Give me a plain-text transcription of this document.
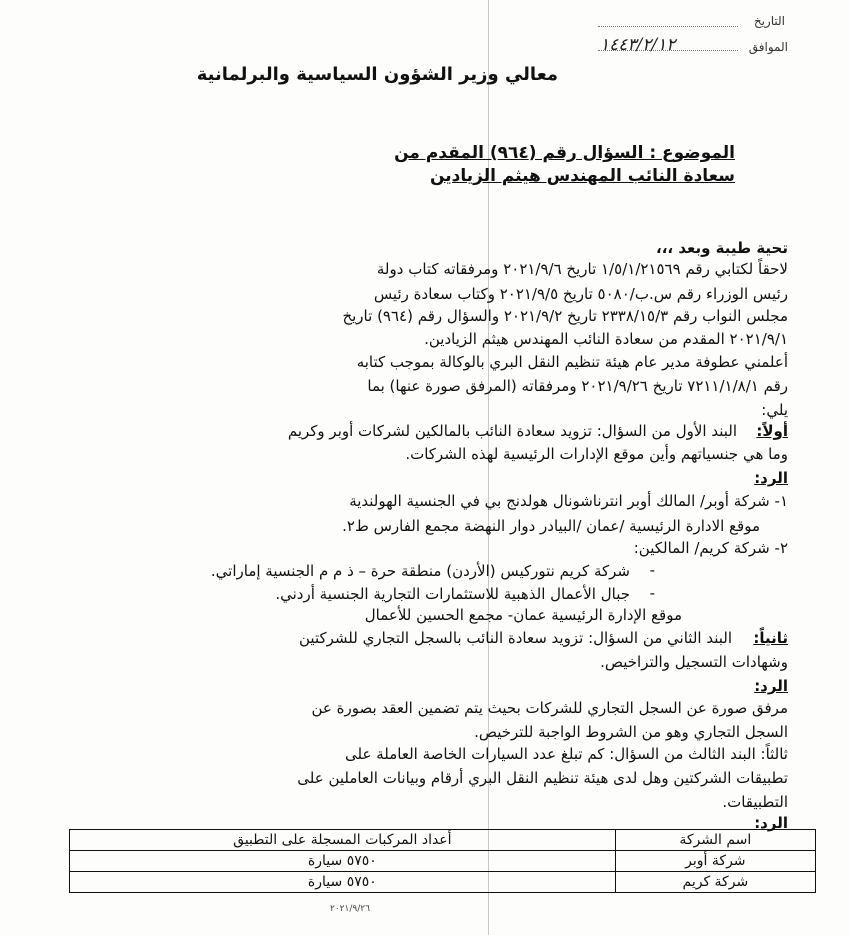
التاريخ
الموافق
١٤٤٣/٢/١٢
معالي وزير الشؤون السياسية والبرلمانية
الموضوع : السؤال رقم (٩٦٤) المقدم من
سعادة النائب المهندس هيثم الزيادين
تحية طيبة وبعد ،،،
لاحقاً لكتابي رقم ١/٥/١/٢١٥٦٩ تاريخ ٢٠٢١/٩/٦ ومرفقاته كتاب دولة
رئيس الوزراء رقم س.ب/٥٠٨٠ تاريخ ٢٠٢١/٩/٥ وكتاب سعادة رئيس
مجلس النواب رقم ٢٣٣٨/١٥/٣ تاريخ ٢٠٢١/٩/٢ والسؤال رقم (٩٦٤) تاريخ
٢٠٢١/٩/١ المقدم من سعادة النائب المهندس هيثم الزيادين.
أعلمني عطوفة مدير عام هيئة تنظيم النقل البري بالوكالة بموجب كتابه
رقم ٧٢١١/١/٨/١ تاريخ ٢٠٢١/٩/٢٦ ومرفقاته (المرفق صورة عنها) بما
يلي:
أولاً:
البند الأول من السؤال: تزويد سعادة النائب بالمالكين لشركات أوبر وكريم
وما هي جنسياتهم وأين موقع الإدارات الرئيسية لهذه الشركات.
الرد:
١- شركة أوبر/ المالك أوبر انترناشونال هولدنج بي في الجنسية الهولندية
موقع الادارة الرئيسية /عمان /البيادر دوار النهضة مجمع الفارس ط٢.
٢- شركة كريم/ المالكين:
-
شركة كريم نتوركيس (الأردن) منطقة حرة – ذ م م الجنسية إماراتي.
-
جبال الأعمال الذهبية للاستثمارات التجارية الجنسية أردني.
موقع الإدارة الرئيسية عمان- مجمع الحسين للأعمال
ثانياً:
البند الثاني من السؤال: تزويد سعادة النائب بالسجل التجاري للشركتين
وشهادات التسجيل والتراخيص.
الرد:
مرفق صورة عن السجل التجاري للشركات بحيث يتم تضمين العقد بصورة عن
السجل التجاري وهو من الشروط الواجبة للترخيص.
ثالثاً: البند الثالث من السؤال: كم تبلغ عدد السيارات الخاصة العاملة على
تطبيقات الشركتين وهل لدى هيئة تنظيم النقل البري أرقام وبيانات العاملين على
التطبيقات.
الرد:
اسم الشركة	أعداد المركبات المسجلة على التطبيق
شركة أوبر	٥٧٥٠ سيارة
شركة كريم	٥٧٥٠ سيارة
٢٠٢١/٩/٢٦
